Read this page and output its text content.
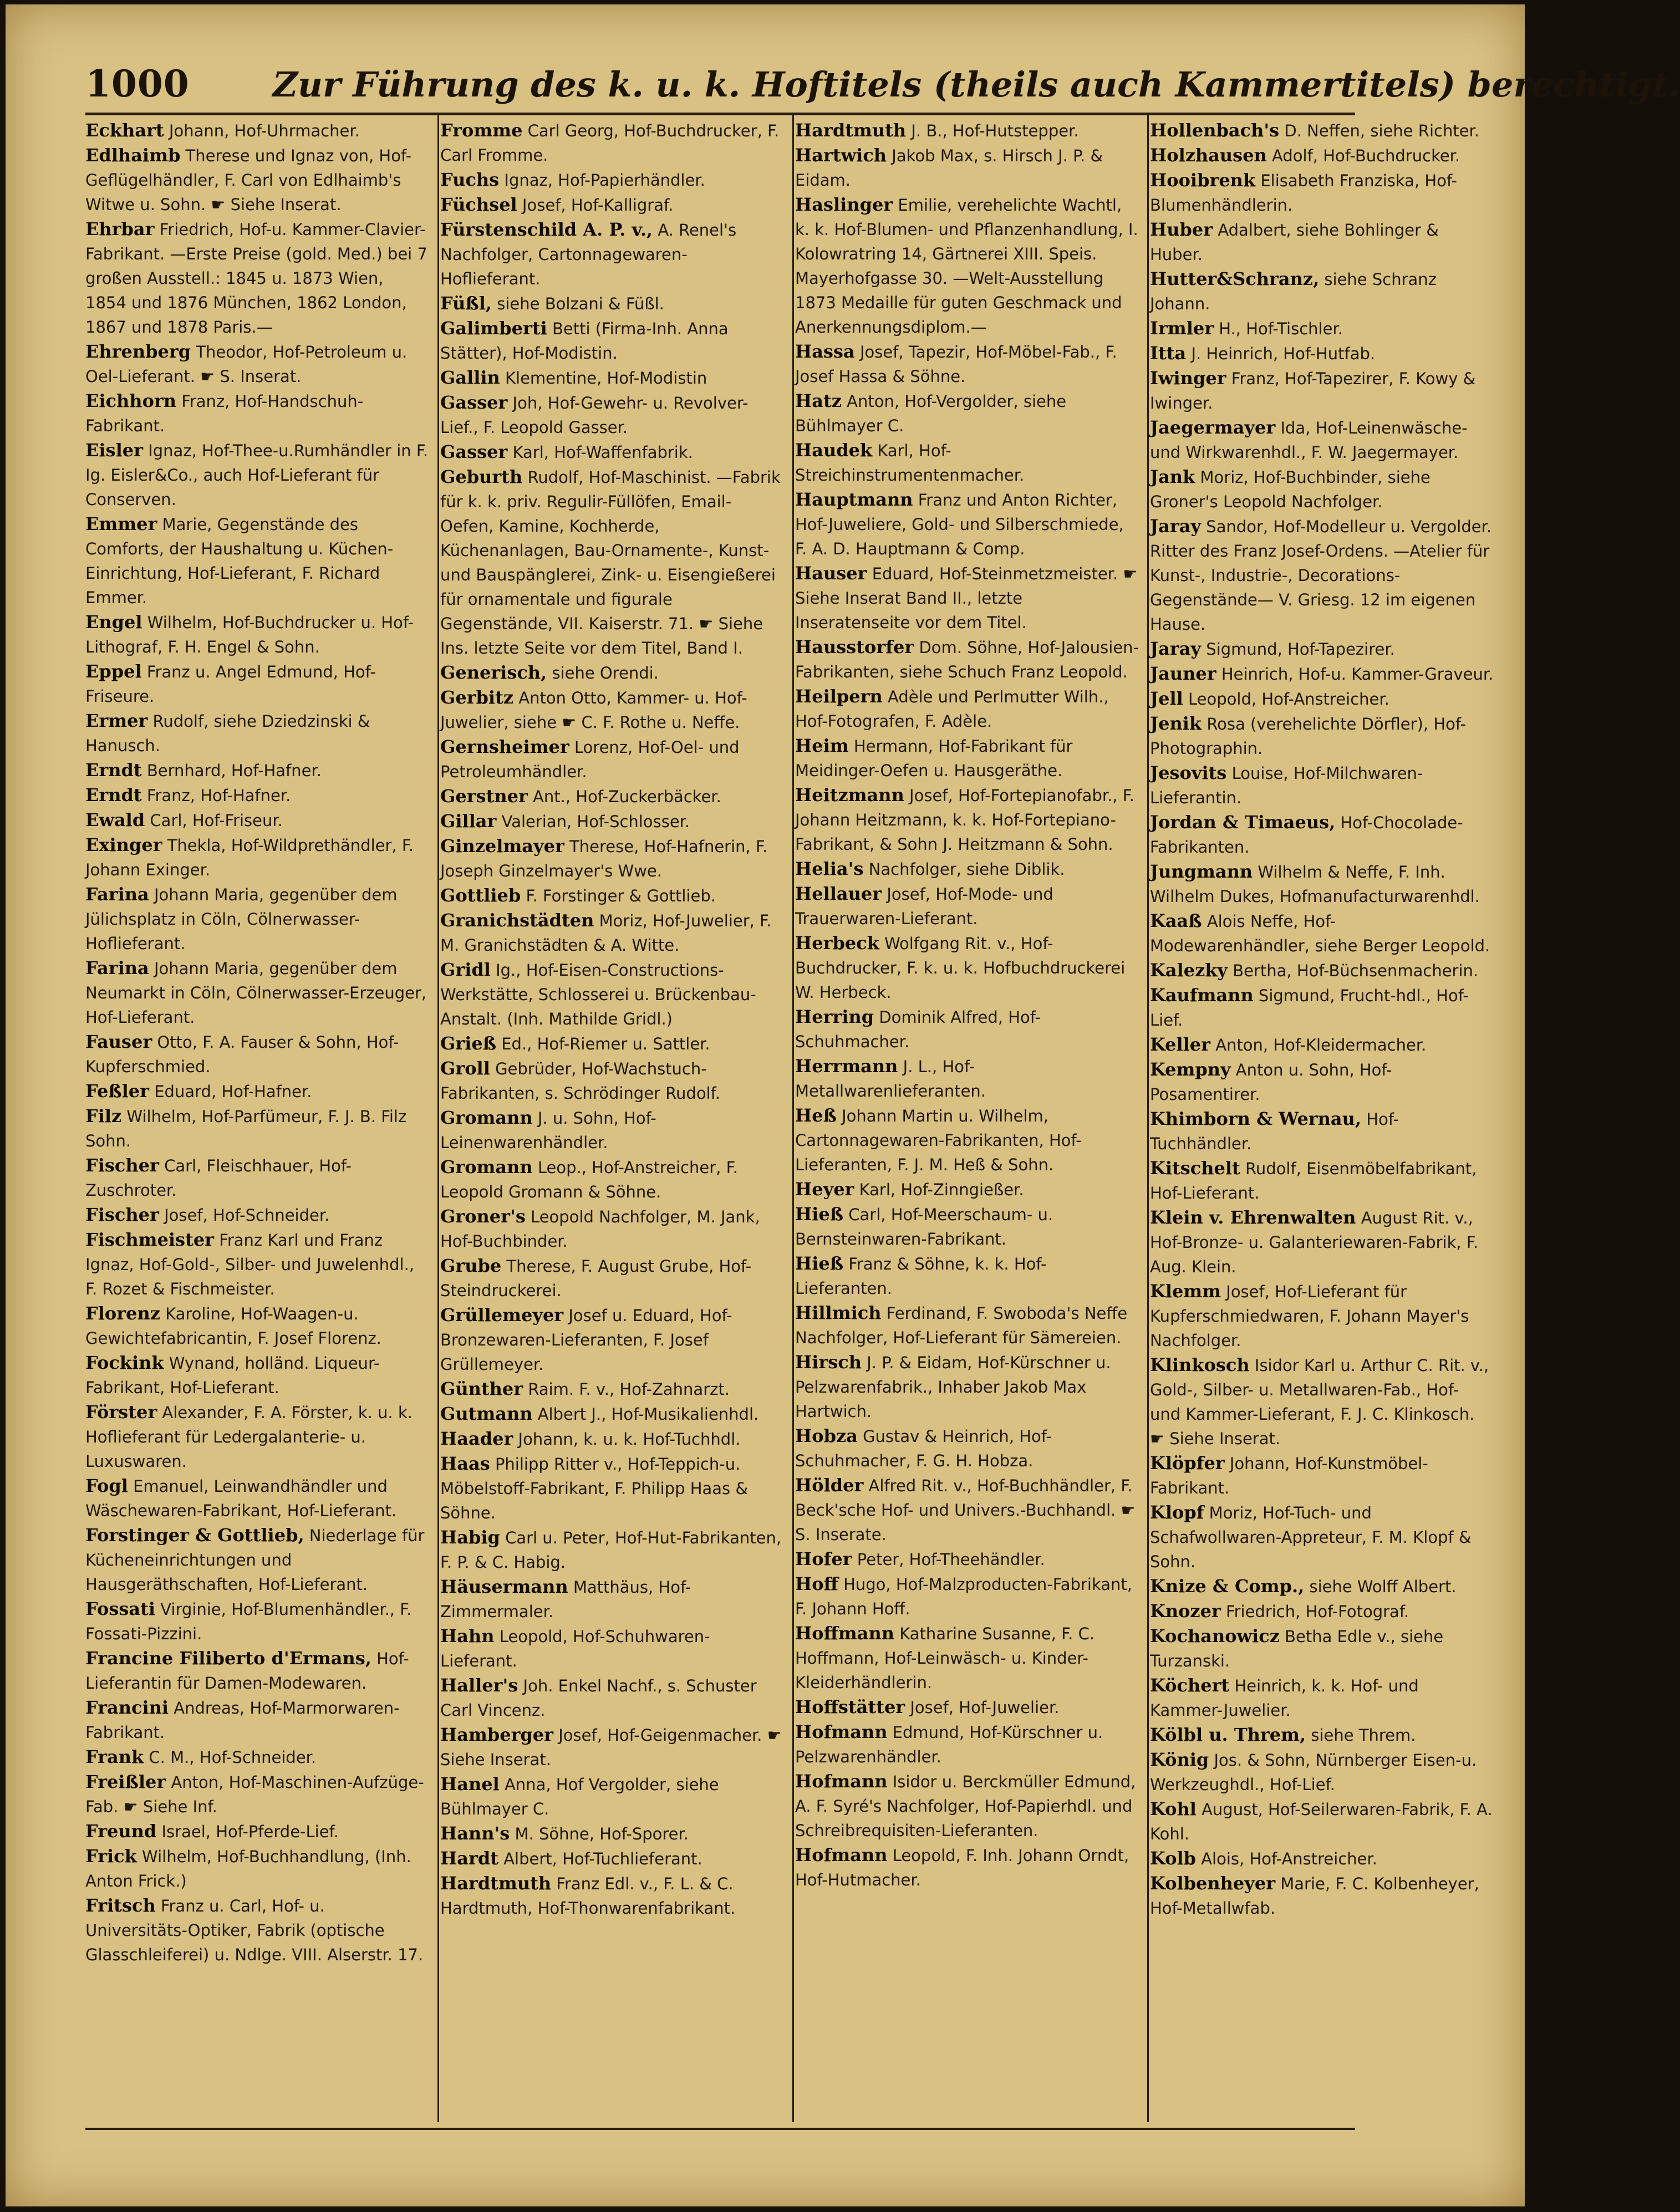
1000 Zur Führung des k. u. k. Hoftitels (theils auch Kammertitels) berechtigt.
Eckhart Johann, Hof-Uhrmacher.
Edlhaimb Therese und Ignaz von, Hof-Geflügelhändler, F. Carl von Edlhaimb's Witwe u. Sohn. ☛ Siehe Inserat.
Ehrbar Friedrich, Hof-u. Kammer-Clavier-Fabrikant. —Erste Preise (gold. Med.) bei 7 großen Ausstell.: 1845 u. 1873 Wien, 1854 und 1876 München, 1862 London, 1867 und 1878 Paris.—
Ehrenberg Theodor, Hof-Petroleum u. Oel-Lieferant. ☛ S. Inserat.
Eichhorn Franz, Hof-Handschuh-Fabrikant.
Eisler Ignaz, Hof-Thee-u.Rumhändler in F. Ig. Eisler&Co., auch Hof-Lieferant für Conserven.
Emmer Marie, Gegenstände des Comforts, der Haushaltung u. Küchen-Einrichtung, Hof-Lieferant, F. Richard Emmer.
Engel Wilhelm, Hof-Buchdrucker u. Hof-Lithograf, F. H. Engel & Sohn.
Eppel Franz u. Angel Edmund, Hof-Friseure.
Ermer Rudolf, siehe Dziedzinski & Hanusch.
Erndt Bernhard, Hof-Hafner.
Erndt Franz, Hof-Hafner.
Ewald Carl, Hof-Friseur.
Exinger Thekla, Hof-Wildprethändler, F. Johann Exinger.
Farina Johann Maria, gegenüber dem Jülichsplatz in Cöln, Cölnerwasser-Hoflieferant.
Farina Johann Maria, gegenüber dem Neumarkt in Cöln, Cölnerwasser-Erzeuger, Hof-Lieferant.
Fauser Otto, F. A. Fauser & Sohn, Hof-Kupferschmied.
Feßler Eduard, Hof-Hafner.
Filz Wilhelm, Hof-Parfümeur, F. J. B. Filz Sohn.
Fischer Carl, Fleischhauer, Hof-Zuschroter.
Fischer Josef, Hof-Schneider.
Fischmeister Franz Karl und Franz Ignaz, Hof-Gold-, Silber- und Juwelenhdl., F. Rozet & Fischmeister.
Florenz Karoline, Hof-Waagen-u. Gewichtefabricantin, F. Josef Florenz.
Fockink Wynand, holländ. Liqueur-Fabrikant, Hof-Lieferant.
Förster Alexander, F. A. Förster, k. u. k. Hoflieferant für Ledergalanterie- u. Luxuswaren.
Fogl Emanuel, Leinwandhändler und Wäschewaren-Fabrikant, Hof-Lieferant.
Forstinger & Gottlieb, Niederlage für Kücheneinrichtungen und Hausgeräthschaften, Hof-Lieferant.
Fossati Virginie, Hof-Blumenhändler., F. Fossati-Pizzini.
Francine Filiberto d'Ermans, Hof-Lieferantin für Damen-Modewaren.
Francini Andreas, Hof-Marmorwaren-Fabrikant.
Frank C. M., Hof-Schneider.
Freißler Anton, Hof-Maschinen-Aufzüge-Fab. ☛ Siehe Inf.
Freund Israel, Hof-Pferde-Lief.
Frick Wilhelm, Hof-Buchhandlung, (Inh. Anton Frick.)
Fritsch Franz u. Carl, Hof- u. Universitäts-Optiker, Fabrik (optische Glasschleiferei) u. Ndlge. VIII. Alserstr. 17.
Fromme Carl Georg, Hof-Buchdrucker, F. Carl Fromme.
Fuchs Ignaz, Hof-Papierhändler.
Füchsel Josef, Hof-Kalligraf.
Fürstenschild A. P. v., A. Renel's Nachfolger, Cartonnagewaren-Hoflieferant.
Füßl, siehe Bolzani & Füßl.
Galimberti Betti (Firma-Inh. Anna Stätter), Hof-Modistin.
Gallin Klementine, Hof-Modistin
Gasser Joh, Hof-Gewehr- u. Revolver-Lief., F. Leopold Gasser.
Gasser Karl, Hof-Waffenfabrik.
Geburth Rudolf, Hof-Maschinist. —Fabrik für k. k. priv. Regulir-Füllöfen, Email-Oefen, Kamine, Kochherde, Küchenanlagen, Bau-Ornamente-, Kunst- und Bauspänglerei, Zink- u. Eisengießerei für ornamentale und figurale Gegenstände, VII. Kaiserstr. 71. ☛ Siehe Ins. letzte Seite vor dem Titel, Band I.
Generisch, siehe Orendi.
Gerbitz Anton Otto, Kammer- u. Hof-Juwelier, siehe ☛ C. F. Rothe u. Neffe.
Gernsheimer Lorenz, Hof-Oel- und Petroleumhändler.
Gerstner Ant., Hof-Zuckerbäcker.
Gillar Valerian, Hof-Schlosser.
Ginzelmayer Therese, Hof-Hafnerin, F. Joseph Ginzelmayer's Wwe.
Gottlieb F. Forstinger & Gottlieb.
Granichstädten Moriz, Hof-Juwelier, F. M. Granichstädten & A. Witte.
Gridl Ig., Hof-Eisen-Constructions-Werkstätte, Schlosserei u. Brückenbau-Anstalt. (Inh. Mathilde Gridl.)
Grieß Ed., Hof-Riemer u. Sattler.
Groll Gebrüder, Hof-Wachstuch-Fabrikanten, s. Schrödinger Rudolf.
Gromann J. u. Sohn, Hof-Leinenwarenhändler.
Gromann Leop., Hof-Anstreicher, F. Leopold Gromann & Söhne.
Groner's Leopold Nachfolger, M. Jank, Hof-Buchbinder.
Grube Therese, F. August Grube, Hof-Steindruckerei.
Grüllemeyer Josef u. Eduard, Hof-Bronzewaren-Lieferanten, F. Josef Grüllemeyer.
Günther Raim. F. v., Hof-Zahnarzt.
Gutmann Albert J., Hof-Musikalienhdl.
Haader Johann, k. u. k. Hof-Tuchhdl.
Haas Philipp Ritter v., Hof-Teppich-u. Möbelstoff-Fabrikant, F. Philipp Haas & Söhne.
Habig Carl u. Peter, Hof-Hut-Fabrikanten, F. P. & C. Habig.
Häusermann Matthäus, Hof-Zimmermaler.
Hahn Leopold, Hof-Schuhwaren-Lieferant.
Haller's Joh. Enkel Nachf., s. Schuster Carl Vincenz.
Hamberger Josef, Hof-Geigenmacher. ☛ Siehe Inserat.
Hanel Anna, Hof Vergolder, siehe Bühlmayer C.
Hann's M. Söhne, Hof-Sporer.
Hardt Albert, Hof-Tuchlieferant.
Hardtmuth Franz Edl. v., F. L. & C. Hardtmuth, Hof-Thonwarenfabrikant.
Hardtmuth J. B., Hof-Hutstepper.
Hartwich Jakob Max, s. Hirsch J. P. & Eidam.
Haslinger Emilie, verehelichte Wachtl, k. k. Hof-Blumen- und Pflanzenhandlung, I. Kolowratring 14, Gärtnerei XIII. Speis. Mayerhofgasse 30. —Welt-Ausstellung 1873 Medaille für guten Geschmack und Anerkennungsdiplom.—
Hassa Josef, Tapezir, Hof-Möbel-Fab., F. Josef Hassa & Söhne.
Hatz Anton, Hof-Vergolder, siehe Bühlmayer C.
Haudek Karl, Hof-Streichinstrumentenmacher.
Hauptmann Franz und Anton Richter, Hof-Juweliere, Gold- und Silberschmiede, F. A. D. Hauptmann & Comp.
Hauser Eduard, Hof-Steinmetzmeister. ☛ Siehe Inserat Band II., letzte Inseratenseite vor dem Titel.
Hausstorfer Dom. Söhne, Hof-Jalousien-Fabrikanten, siehe Schuch Franz Leopold.
Heilpern Adèle und Perlmutter Wilh., Hof-Fotografen, F. Adèle.
Heim Hermann, Hof-Fabrikant für Meidinger-Oefen u. Hausgeräthe.
Heitzmann Josef, Hof-Fortepianofabr., F. Johann Heitzmann, k. k. Hof-Fortepiano-Fabrikant, & Sohn J. Heitzmann & Sohn.
Helia's Nachfolger, siehe Diblik.
Hellauer Josef, Hof-Mode- und Trauerwaren-Lieferant.
Herbeck Wolfgang Rit. v., Hof-Buchdrucker, F. k. u. k. Hofbuchdruckerei W. Herbeck.
Herring Dominik Alfred, Hof-Schuhmacher.
Herrmann J. L., Hof-Metallwarenlieferanten.
Heß Johann Martin u. Wilhelm, Cartonnagewaren-Fabrikanten, Hof-Lieferanten, F. J. M. Heß & Sohn.
Heyer Karl, Hof-Zinngießer.
Hieß Carl, Hof-Meerschaum- u. Bernsteinwaren-Fabrikant.
Hieß Franz & Söhne, k. k. Hof-Lieferanten.
Hillmich Ferdinand, F. Swoboda's Neffe Nachfolger, Hof-Lieferant für Sämereien.
Hirsch J. P. & Eidam, Hof-Kürschner u. Pelzwarenfabrik., Inhaber Jakob Max Hartwich.
Hobza Gustav & Heinrich, Hof-Schuhmacher, F. G. H. Hobza.
Hölder Alfred Rit. v., Hof-Buchhändler, F. Beck'sche Hof- und Univers.-Buchhandl. ☛ S. Inserate.
Hofer Peter, Hof-Theehändler.
Hoff Hugo, Hof-Malzproducten-Fabrikant, F. Johann Hoff.
Hoffmann Katharine Susanne, F. C. Hoffmann, Hof-Leinwäsch- u. Kinder-Kleiderhändlerin.
Hoffstätter Josef, Hof-Juwelier.
Hofmann Edmund, Hof-Kürschner u. Pelzwarenhändler.
Hofmann Isidor u. Berckmüller Edmund, A. F. Syré's Nachfolger, Hof-Papierhdl. und Schreibrequisiten-Lieferanten.
Hofmann Leopold, F. Inh. Johann Orndt, Hof-Hutmacher.
Hollenbach's D. Neffen, siehe Richter.
Holzhausen Adolf, Hof-Buchdrucker.
Hooibrenk Elisabeth Franziska, Hof-Blumenhändlerin.
Huber Adalbert, siehe Bohlinger & Huber.
Hutter&Schranz, siehe Schranz Johann.
Irmler H., Hof-Tischler.
Itta J. Heinrich, Hof-Hutfab.
Iwinger Franz, Hof-Tapezirer, F. Kowy & Iwinger.
Jaegermayer Ida, Hof-Leinenwäsche- und Wirkwarenhdl., F. W. Jaegermayer.
Jank Moriz, Hof-Buchbinder, siehe Groner's Leopold Nachfolger.
Jaray Sandor, Hof-Modelleur u. Vergolder. Ritter des Franz Josef-Ordens. —Atelier für Kunst-, Industrie-, Decorations-Gegenstände— V. Griesg. 12 im eigenen Hause.
Jaray Sigmund, Hof-Tapezirer.
Jauner Heinrich, Hof-u. Kammer-Graveur.
Jell Leopold, Hof-Anstreicher.
Jenik Rosa (verehelichte Dörfler), Hof-Photographin.
Jesovits Louise, Hof-Milchwaren-Lieferantin.
Jordan & Timaeus, Hof-Chocolade-Fabrikanten.
Jungmann Wilhelm & Neffe, F. Inh. Wilhelm Dukes, Hofmanufacturwarenhdl.
Kaaß Alois Neffe, Hof-Modewarenhändler, siehe Berger Leopold.
Kalezky Bertha, Hof-Büchsenmacherin.
Kaufmann Sigmund, Frucht-hdl., Hof-Lief.
Keller Anton, Hof-Kleidermacher.
Kempny Anton u. Sohn, Hof-Posamentirer.
Khimborn & Wernau, Hof-Tuchhändler.
Kitschelt Rudolf, Eisenmöbelfabrikant, Hof-Lieferant.
Klein v. Ehrenwalten August Rit. v., Hof-Bronze- u. Galanteriewaren-Fabrik, F. Aug. Klein.
Klemm Josef, Hof-Lieferant für Kupferschmiedwaren, F. Johann Mayer's Nachfolger.
Klinkosch Isidor Karl u. Arthur C. Rit. v., Gold-, Silber- u. Metallwaren-Fab., Hof- und Kammer-Lieferant, F. J. C. Klinkosch. ☛ Siehe Inserat.
Klöpfer Johann, Hof-Kunstmöbel-Fabrikant.
Klopf Moriz, Hof-Tuch- und Schafwollwaren-Appreteur, F. M. Klopf & Sohn.
Knize & Comp., siehe Wolff Albert.
Knozer Friedrich, Hof-Fotograf.
Kochanowicz Betha Edle v., siehe Turzanski.
Köchert Heinrich, k. k. Hof- und Kammer-Juwelier.
Kölbl u. Threm, siehe Threm.
König Jos. & Sohn, Nürnberger Eisen-u. Werkzeughdl., Hof-Lief.
Kohl August, Hof-Seilerwaren-Fabrik, F. A. Kohl.
Kolb Alois, Hof-Anstreicher.
Kolbenheyer Marie, F. C. Kolbenheyer, Hof-Metallwfab.
